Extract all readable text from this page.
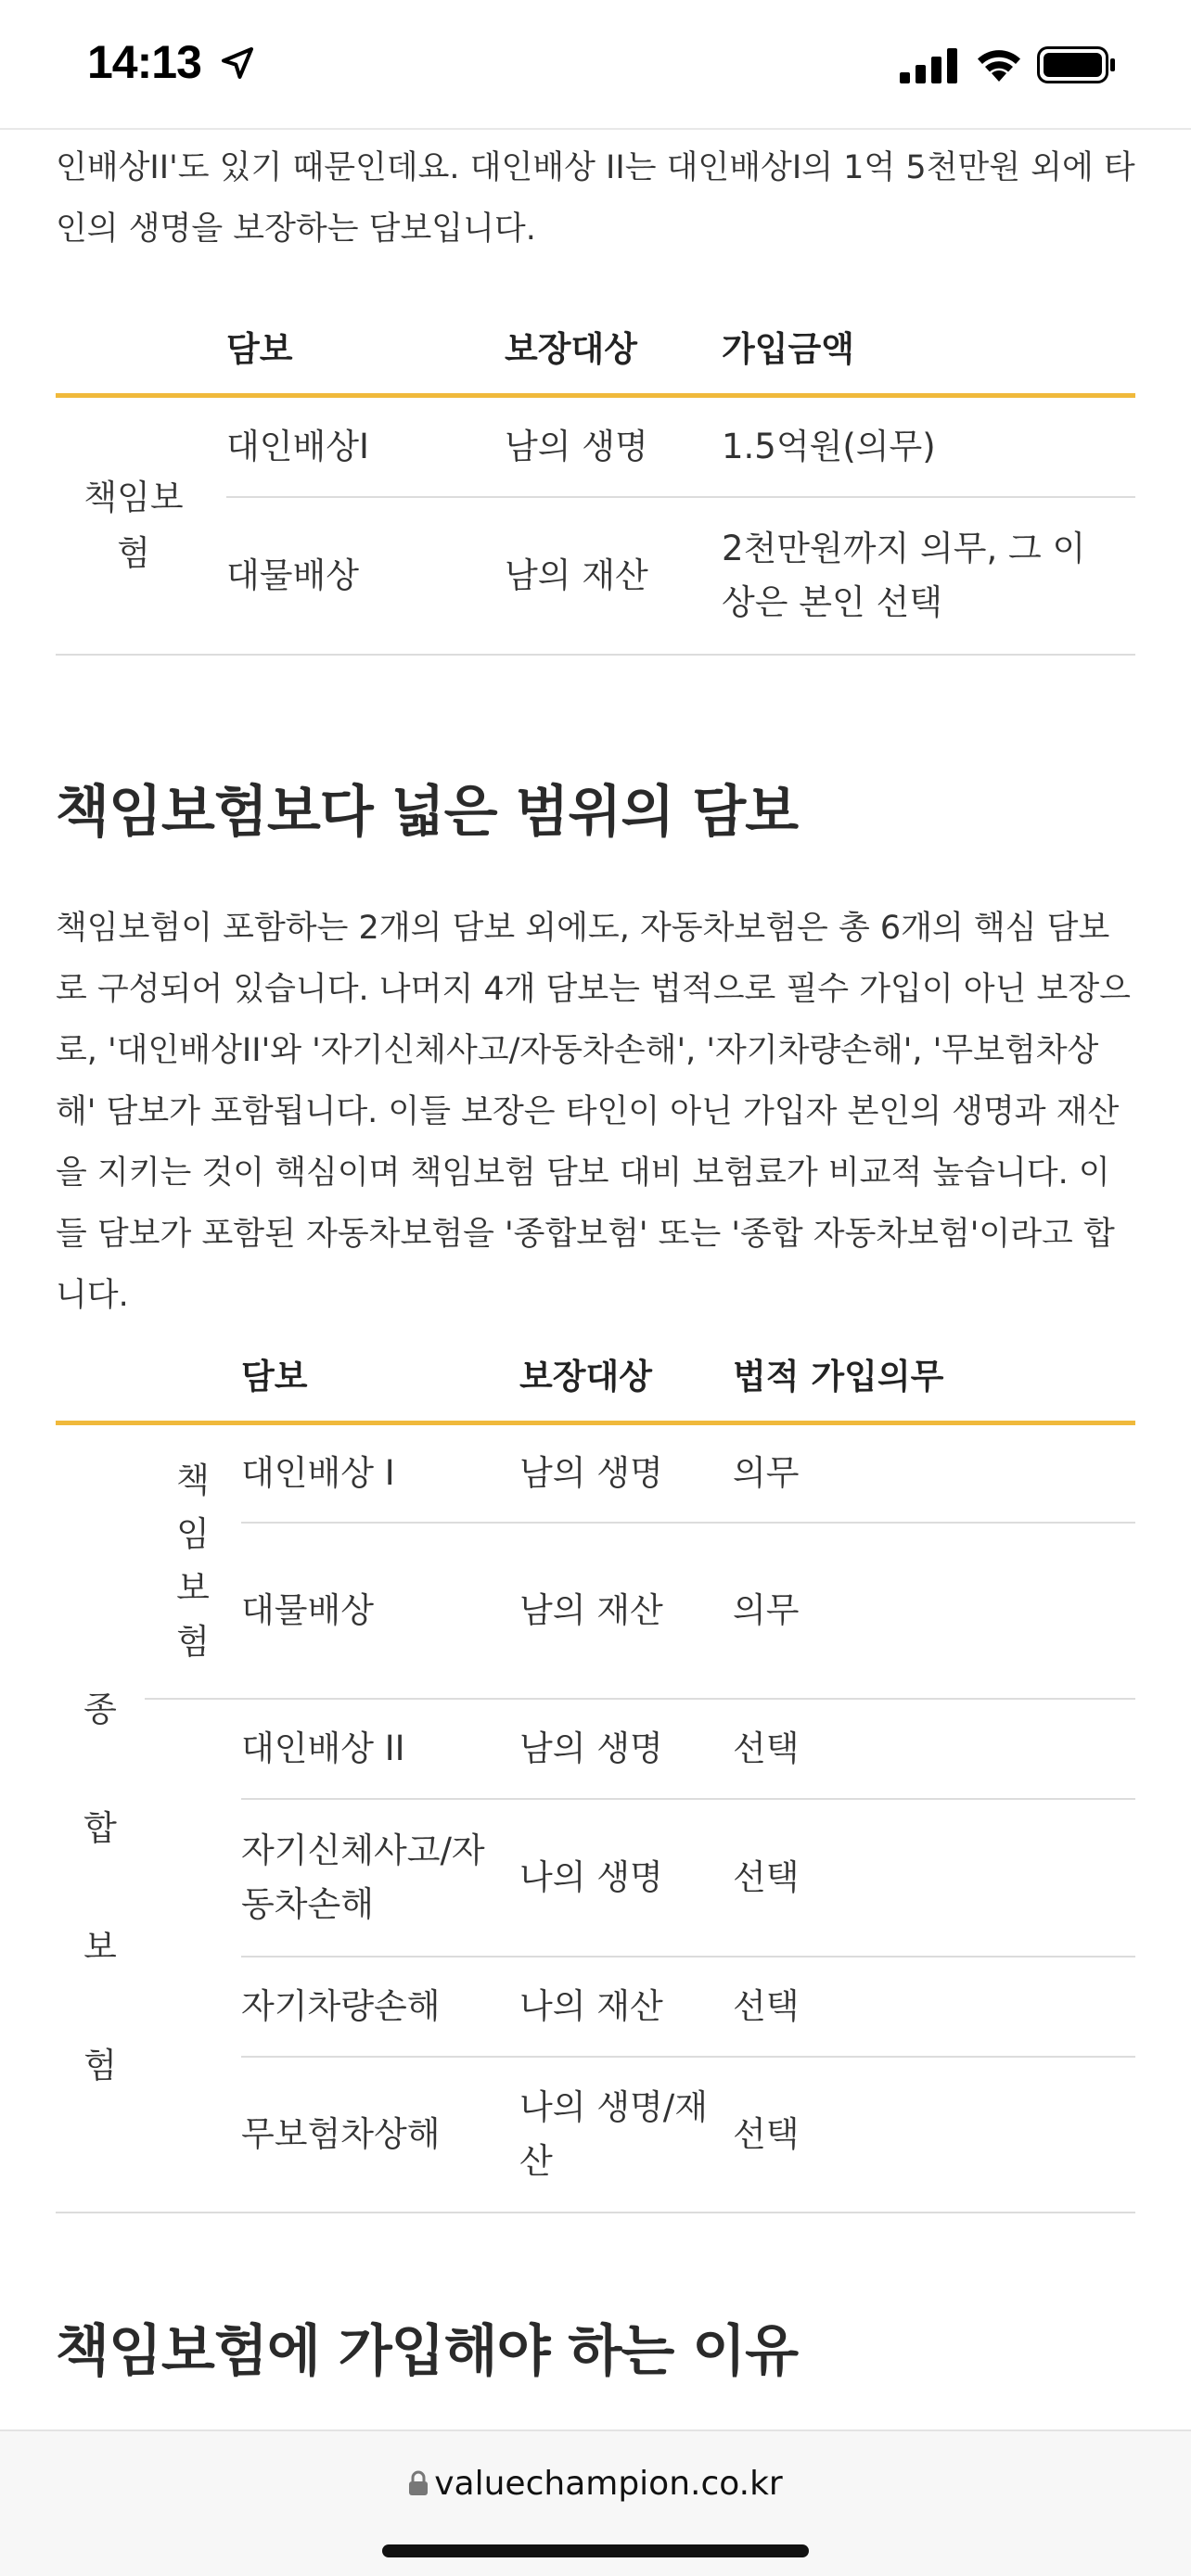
14:13

인배상II'도 있기 때문인데요. 대인배상 II는 대인배상I의 1억 5천만원 외에 타인의 생명을 보장하는 담보입니다.

	담보	보장대상	가입금액
책임보험	대인배상I	남의 생명	1.5억원(의무)
	대물배상	남의 재산	2천만원까지 의무, 그 이상은 본인 선택
책임보험보다 넓은 범위의 담보

책임보험이 포함하는 2개의 담보 외에도, 자동차보험은 총 6개의 핵심 담보로 구성되어 있습니다. 나머지 4개 담보는 법적으로 필수 가입이 아닌 보장으로, '대인배상II'와 '자기신체사고/자동차손해', '자기차량손해', '무보험차상해' 담보가 포함됩니다. 이들 보장은 타인이 아닌 가입자 본인의 생명과 재산을 지키는 것이 핵심이며 책임보험 담보 대비 보험료가 비교적 높습니다. 이들 담보가 포함된 자동차보험을 '종합보험' 또는 '종합 자동차보험'이라고 합니다.

		담보	보장대상	법적 가입의무
종합보험	책임보험	대인배상 I	남의 생명	의무
		대물배상	남의 재산	의무
		대인배상 II	남의 생명	선택
		자기신체사고/자동차손해	나의 생명	선택
		자기차량손해	나의 재산	선택
		무보험차상해	나의 생명/재산	선택
책임보험에 가입해야 하는 이유
valuechampion.co.kr
